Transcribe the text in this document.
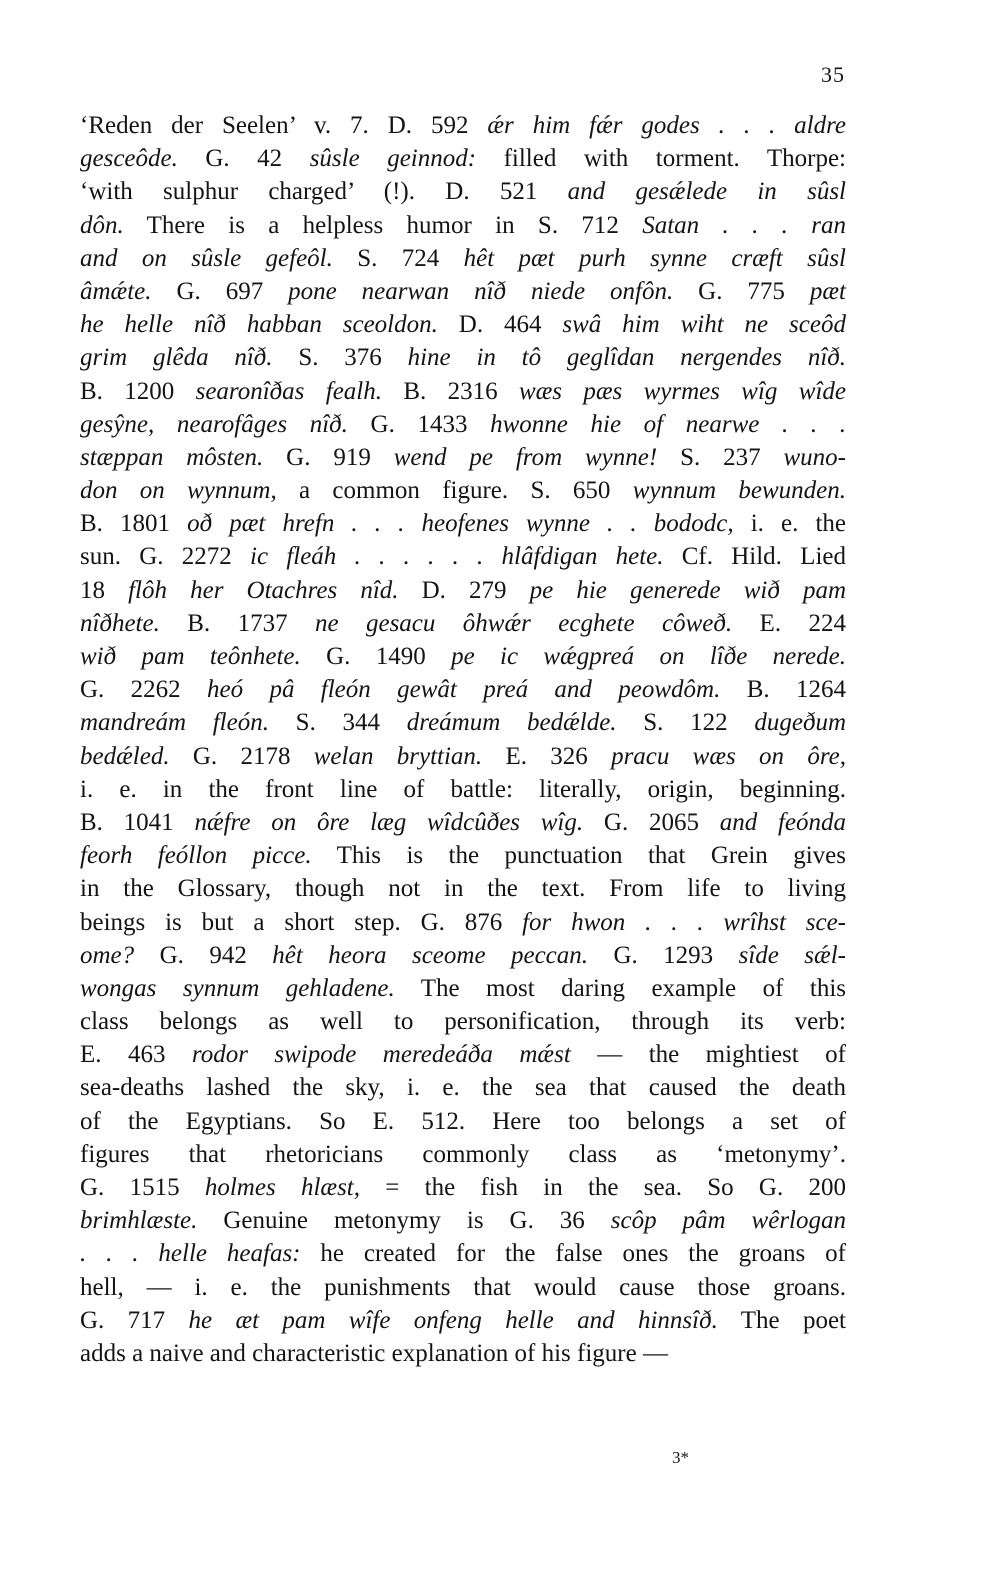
35
‘Reden der Seelen’ v. 7. D. 592 ǽr him fǽr godes . . . aldre
gesceôde. G. 42 sûsle geinnod: filled with torment. Thorpe:
‘with sulphur charged’ (!). D. 521 and gesǽlede in sûsl
dôn. There is a helpless humor in S. 712 Satan . . . ran
and on sûsle gefeôl. S. 724 hêt pæt purh synne cræft sûsl
âmǽte. G. 697 pone nearwan nîð niede onfôn. G. 775 pæt
he helle nîð habban sceoldon. D. 464 swâ him wiht ne sceôd
grim glêda nîð. S. 376 hine in tô geglîdan nergendes nîð.
B. 1200 searonîðas fealh. B. 2316 wæs pæs wyrmes wîg wîde
gesŷne, nearofâges nîð. G. 1433 hwonne hie of nearwe . . .
stæppan môsten. G. 919 wend pe from wynne! S. 237 wuno-
don on wynnum, a common figure. S. 650 wynnum bewunden.
B. 1801 oð pæt hrefn . . . heofenes wynne . . bododc, i. e. the
sun. G. 2272 ic fleáh . . . . . . hlâfdigan hete. Cf. Hild. Lied
18 flôh her Otachres nîd. D. 279 pe hie generede wið pam
nîðhete. B. 1737 ne gesacu ôhwǽr ecghete côweð. E. 224
wið pam teônhete. G. 1490 pe ic wǽgpreá on lîðe nerede.
G. 2262 heó pâ fleón gewât preá and peowdôm. B. 1264
mandreám fleón. S. 344 dreámum bedǽlde. S. 122 dugeðum
bedǽled. G. 2178 welan bryttian. E. 326 pracu wæs on ôre,
i. e. in the front line of battle: literally, origin, beginning.
B. 1041 nǽfre on ôre læg wîdcûðes wîg. G. 2065 and feónda
feorh feóllon picce. This is the punctuation that Grein gives
in the Glossary, though not in the text. From life to living
beings is but a short step. G. 876 for hwon . . . wrîhst sce-
ome? G. 942 hêt heora sceome peccan. G. 1293 sîde sǽl-
wongas synnum gehladene. The most daring example of this
class belongs as well to personification, through its verb:
E. 463 rodor swipode meredeáða mǽst — the mightiest of
sea-deaths lashed the sky, i. e. the sea that caused the death
of the Egyptians. So E. 512. Here too belongs a set of
figures that rhetoricians commonly class as ‘metonymy’.
G. 1515 holmes hlæst, = the fish in the sea. So G. 200
brimhlæste. Genuine metonymy is G. 36 scôp pâm wêrlogan
. . . helle heafas: he created for the false ones the groans of
hell, — i. e. the punishments that would cause those groans.
G. 717 he æt pam wîfe onfeng helle and hinnsîð. The poet
adds a naive and characteristic explanation of his figure —
3*
